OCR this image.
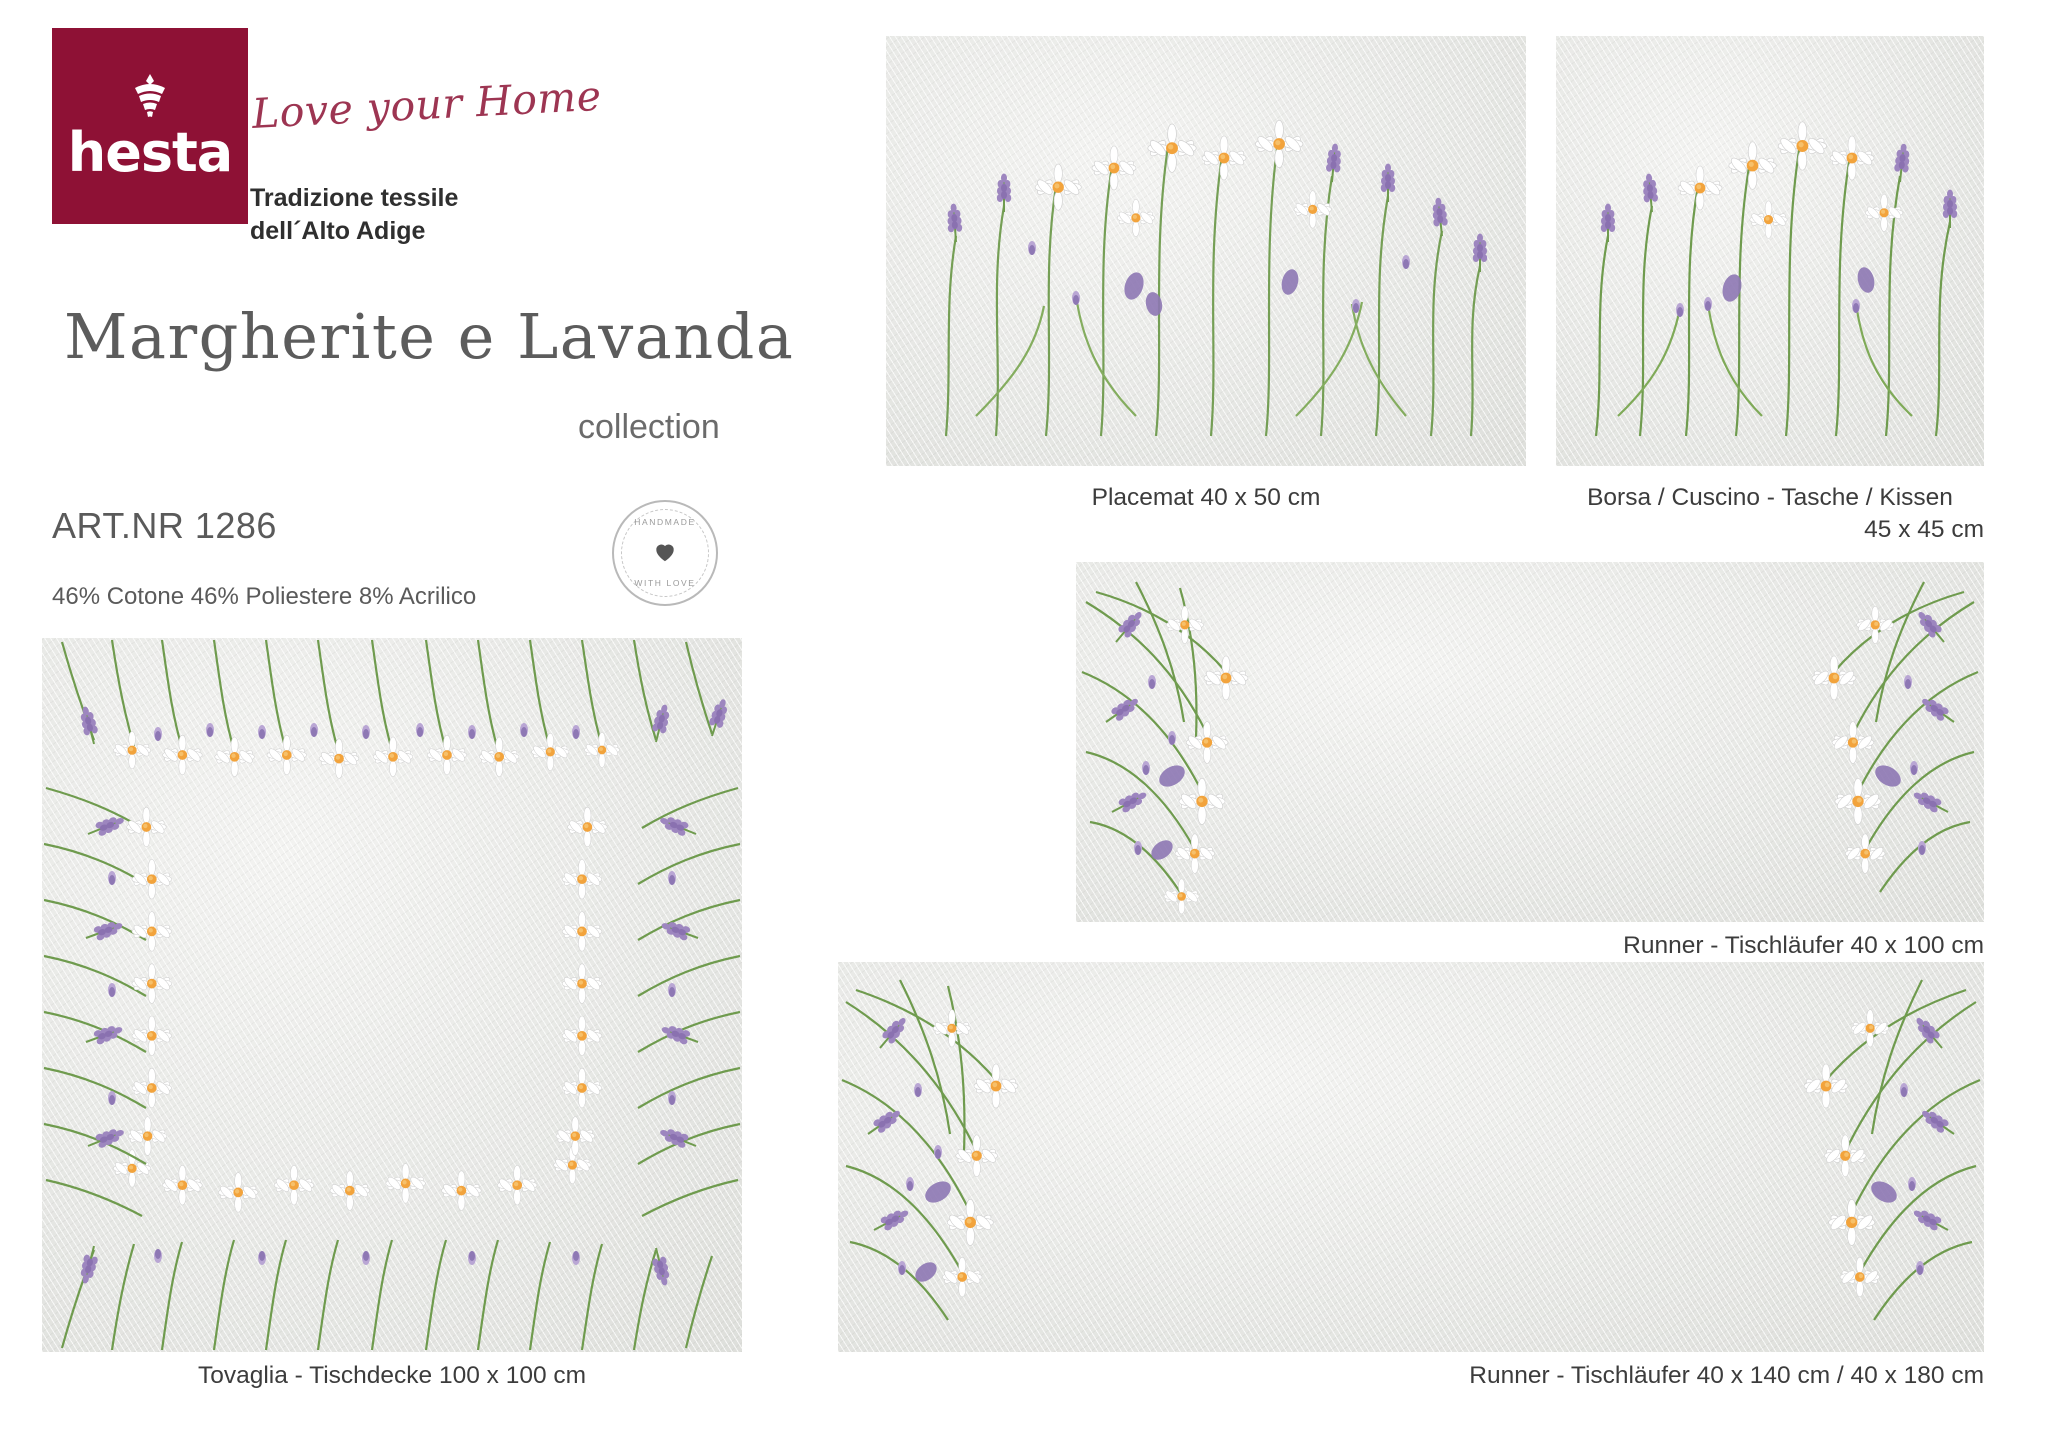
hesta
Love your Home
Tradizione tessile
dell´Alto Adige
Margherite e Lavanda
collection
ART.NR 1286
46% Cotone 46% Poliestere 8% Acrilico
HANDMADE
WITH LOVE
Placemat 40 x 50 cm	Borsa / Cuscino - Tasche / Kissen
45 x 45 cm
Runner - Tischläufer 40 x 100 cm
Runner - Tischläufer 40 x 140 cm / 40 x 180 cm
Tovaglia - Tischdecke 100 x 100 cm
